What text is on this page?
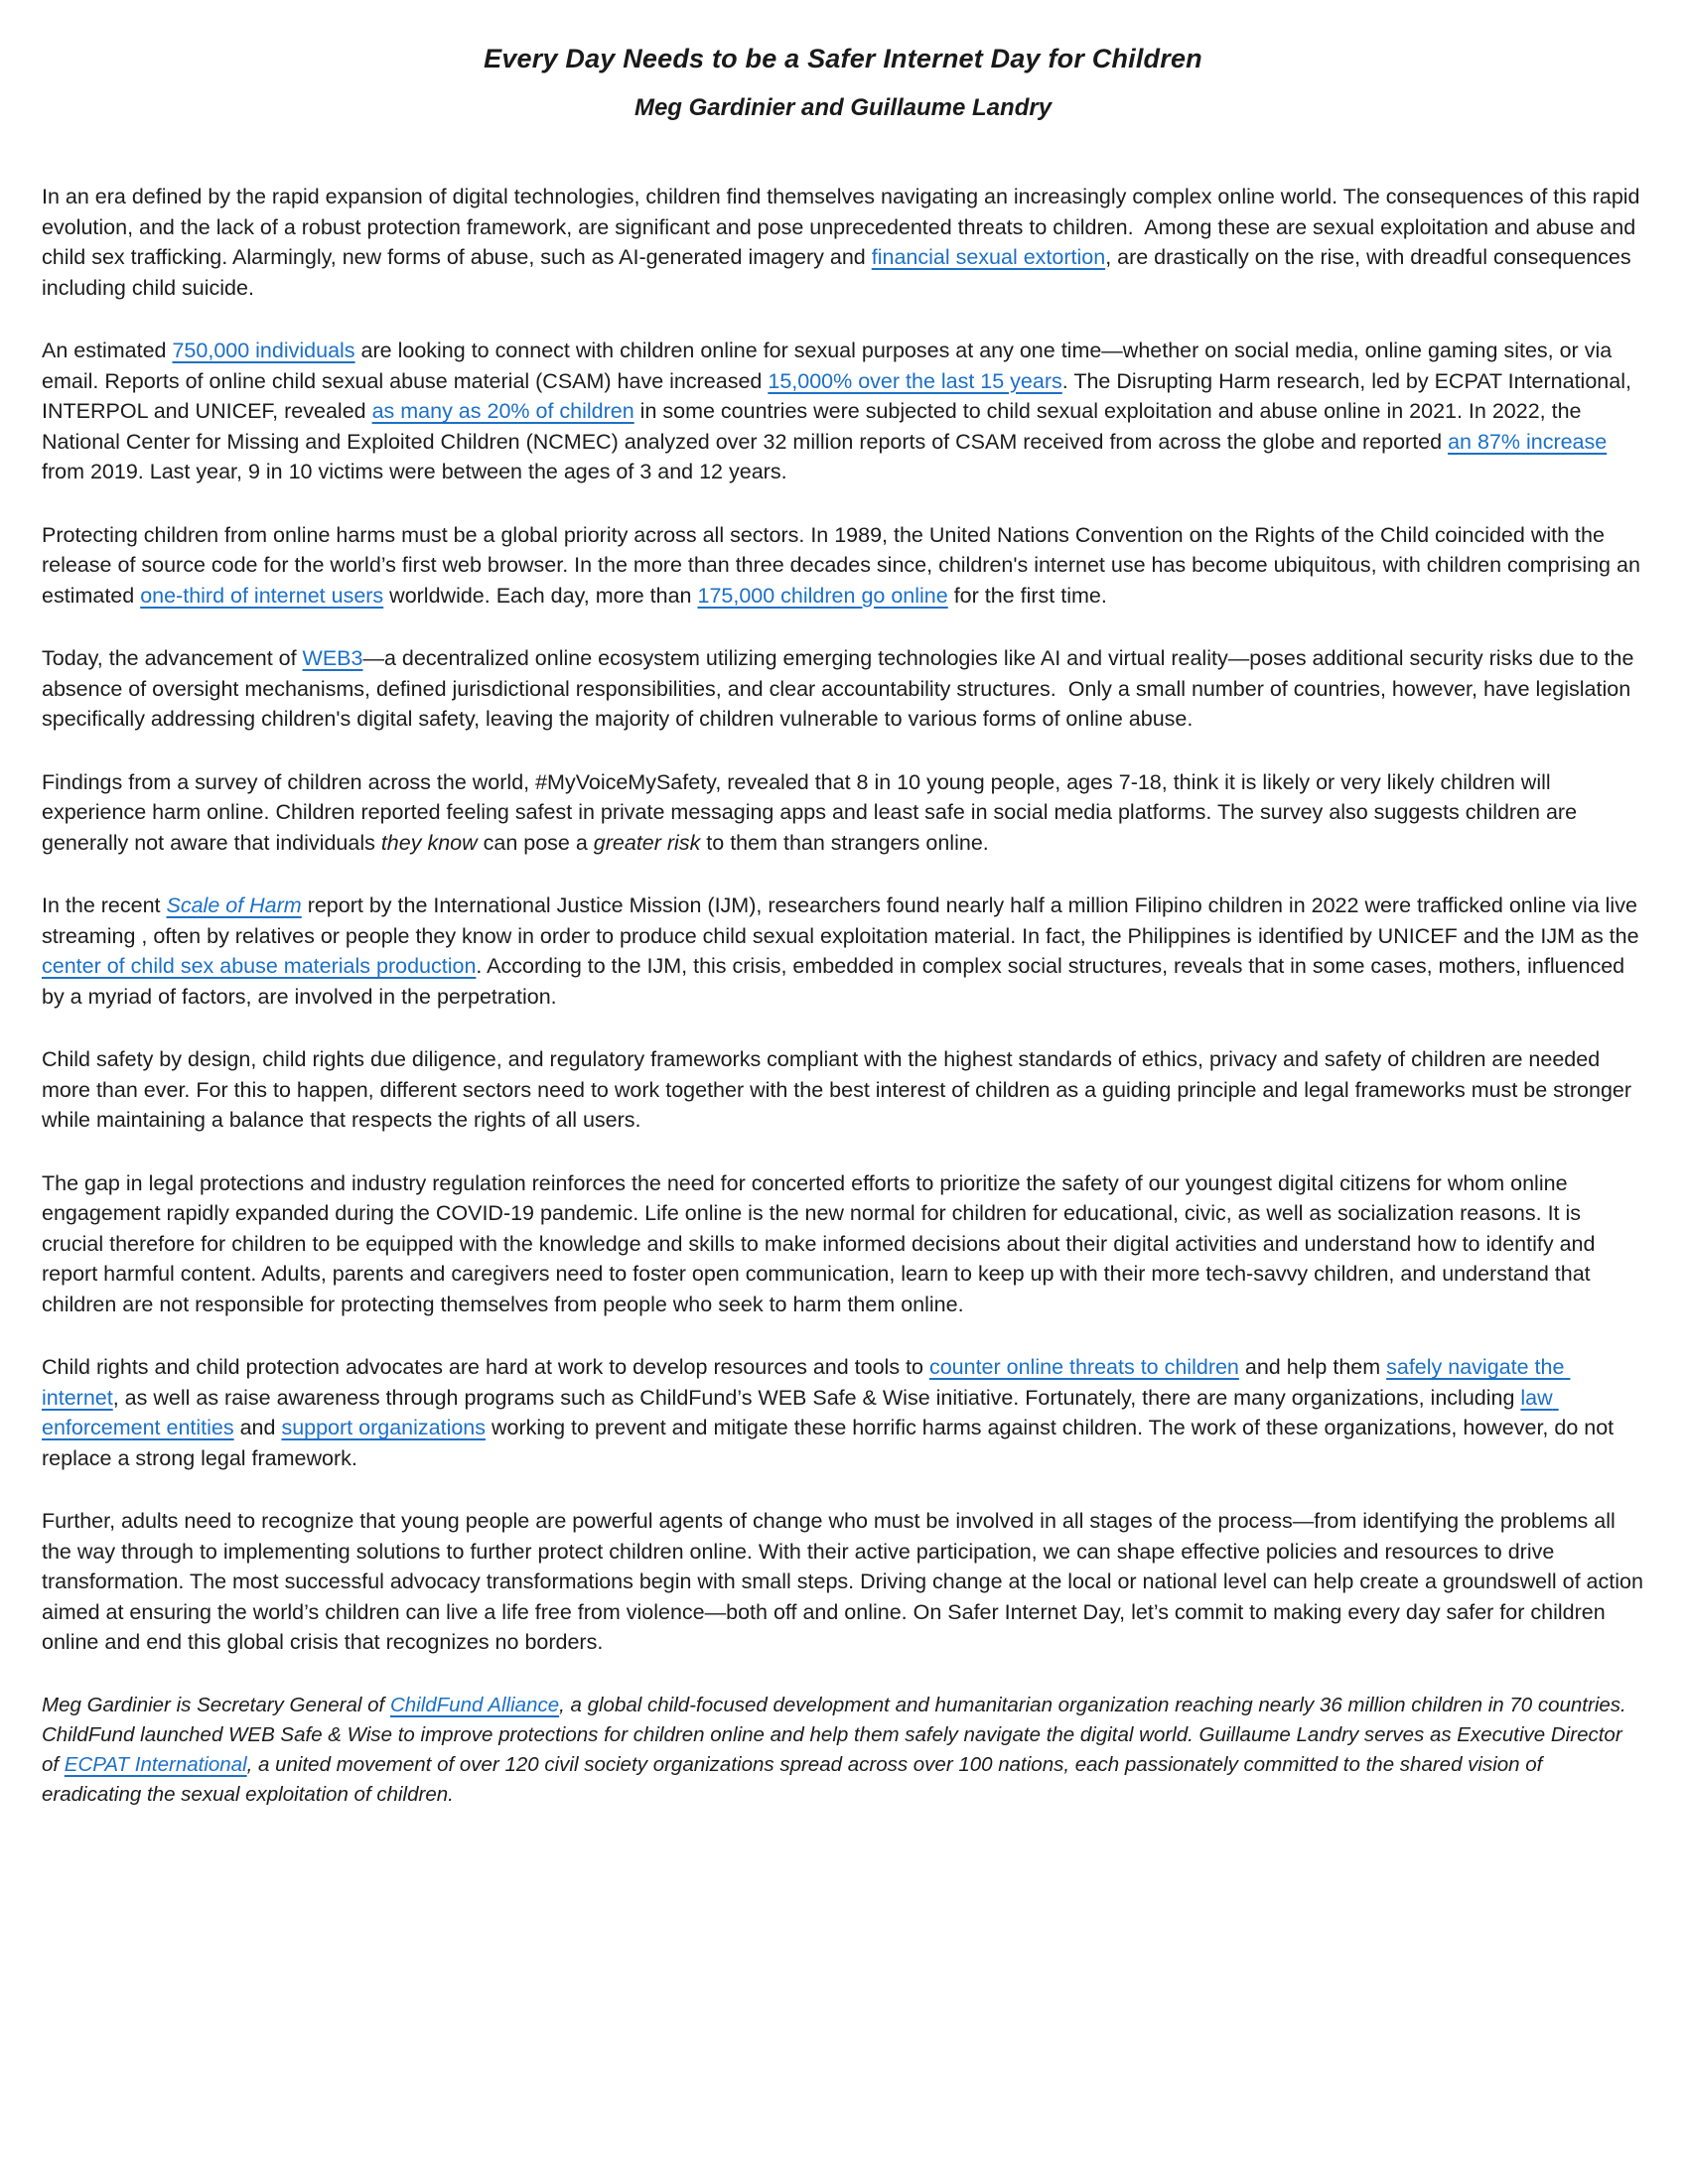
Every Day Needs to be a Safer Internet Day for Children
Meg Gardinier and Guillaume Landry

In an era defined by the rapid expansion of digital technologies, children find themselves navigating an increasingly complex online world. The consequences of this rapid evolution, and the lack of a robust protection framework, are significant and pose unprecedented threats to children.  Among these are sexual exploitation and abuse and child sex trafficking. Alarmingly, new forms of abuse, such as AI-generated imagery and financial sexual extortion, are drastically on the rise, with dreadful consequences including child suicide.

An estimated 750,000 individuals are looking to connect with children online for sexual purposes at any one time—whether on social media, online gaming sites, or via email. Reports of online child sexual abuse material (CSAM) have increased 15,000% over the last 15 years. The Disrupting Harm research, led by ECPAT International, INTERPOL and UNICEF, revealed as many as 20% of children in some countries were subjected to child sexual exploitation and abuse online in 2021. In 2022, the National Center for Missing and Exploited Children (NCMEC) analyzed over 32 million reports of CSAM received from across the globe and reported an 87% increase from 2019. Last year, 9 in 10 victims were between the ages of 3 and 12 years.

Protecting children from online harms must be a global priority across all sectors. In 1989, the United Nations Convention on the Rights of the Child coincided with the release of source code for the world’s first web browser. In the more than three decades since, children's internet use has become ubiquitous, with children comprising an estimated one-third of internet users worldwide. Each day, more than 175,000 children go online for the first time.

Today, the advancement of WEB3—a decentralized online ecosystem utilizing emerging technologies like AI and virtual reality—poses additional security risks due to the absence of oversight mechanisms, defined jurisdictional responsibilities, and clear accountability structures.  Only a small number of countries, however, have legislation specifically addressing children's digital safety, leaving the majority of children vulnerable to various forms of online abuse.

Findings from a survey of children across the world, #MyVoiceMySafety, revealed that 8 in 10 young people, ages 7-18, think it is likely or very likely children will experience harm online. Children reported feeling safest in private messaging apps and least safe in social media platforms. The survey also suggests children are generally not aware that individuals they know can pose a greater risk to them than strangers online.

In the recent Scale of Harm report by the International Justice Mission (IJM), researchers found nearly half a million Filipino children in 2022 were trafficked online via live streaming , often by relatives or people they know in order to produce child sexual exploitation material. In fact, the Philippines is identified by UNICEF and the IJM as the center of child sex abuse materials production. According to the IJM, this crisis, embedded in complex social structures, reveals that in some cases, mothers, influenced by a myriad of factors, are involved in the perpetration.

Child safety by design, child rights due diligence, and regulatory frameworks compliant with the highest standards of ethics, privacy and safety of children are needed more than ever. For this to happen, different sectors need to work together with the best interest of children as a guiding principle and legal frameworks must be stronger while maintaining a balance that respects the rights of all users.

The gap in legal protections and industry regulation reinforces the need for concerted efforts to prioritize the safety of our youngest digital citizens for whom online engagement rapidly expanded during the COVID-19 pandemic. Life online is the new normal for children for educational, civic, as well as socialization reasons. It is crucial therefore for children to be equipped with the knowledge and skills to make informed decisions about their digital activities and understand how to identify and report harmful content. Adults, parents and caregivers need to foster open communication, learn to keep up with their more tech-savvy children, and understand that children are not responsible for protecting themselves from people who seek to harm them online.

Child rights and child protection advocates are hard at work to develop resources and tools to counter online threats to children and help them safely navigate the internet, as well as raise awareness through programs such as ChildFund’s WEB Safe & Wise initiative. Fortunately, there are many organizations, including law enforcement entities and support organizations working to prevent and mitigate these horrific harms against children. The work of these organizations, however, do not replace a strong legal framework.

Further, adults need to recognize that young people are powerful agents of change who must be involved in all stages of the process—from identifying the problems all the way through to implementing solutions to further protect children online. With their active participation, we can shape effective policies and resources to drive transformation. The most successful advocacy transformations begin with small steps. Driving change at the local or national level can help create a groundswell of action aimed at ensuring the world’s children can live a life free from violence—both off and online. On Safer Internet Day, let’s commit to making every day safer for children online and end this global crisis that recognizes no borders.

Meg Gardinier is Secretary General of ChildFund Alliance, a global child-focused development and humanitarian organization reaching nearly 36 million children in 70 countries. ChildFund launched WEB Safe & Wise to improve protections for children online and help them safely navigate the digital world. Guillaume Landry serves as Executive Director of ECPAT International, a united movement of over 120 civil society organizations spread across over 100 nations, each passionately committed to the shared vision of eradicating the sexual exploitation of children.
